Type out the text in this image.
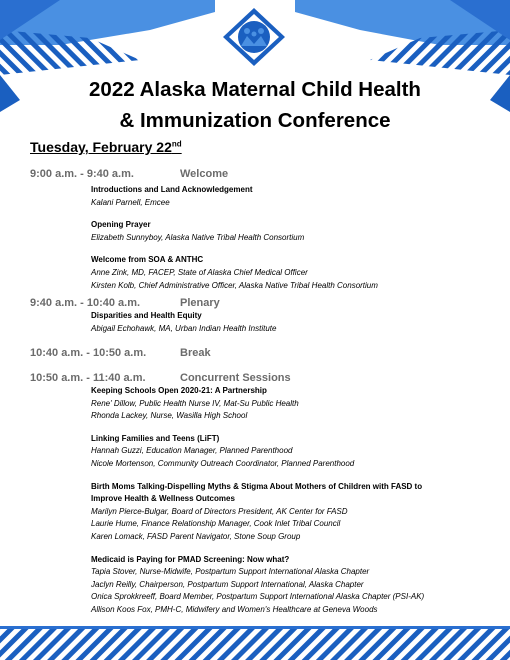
2022 Alaska Maternal Child Health
& Immunization Conference
Tuesday, February 22nd
9:00 a.m. - 9:40 a.m.	Welcome
Introductions and Land Acknowledgement
Kalani Parnell, Emcee
Opening Prayer
Elizabeth Sunnyboy, Alaska Native Tribal Health Consortium
Welcome from SOA & ANTHC
Anne Zink, MD, FACEP, State of Alaska Chief Medical Officer
Kirsten Kolb, Chief Administrative Officer, Alaska Native Tribal Health Consortium
9:40 a.m. - 10:40 a.m.	Plenary
Disparities and Health Equity
Abigail Echohawk, MA, Urban Indian Health Institute
10:40 a.m. - 10:50 a.m.	Break
10:50 a.m. - 11:40 a.m.	Concurrent Sessions
Keeping Schools Open 2020-21: A Partnership
Rene' Dillow, Public Health Nurse IV, Mat-Su Public Health
Rhonda Lackey, Nurse, Wasilla High School
Linking Families and Teens (LiFT)
Hannah Guzzi, Education Manager, Planned Parenthood
Nicole Mortenson, Community Outreach Coordinator, Planned Parenthood
Birth Moms Talking-Dispelling Myths & Stigma About Mothers of Children with FASD to
Improve Health & Wellness Outcomes
Marilyn Pierce-Bulgar, Board of Directors President, AK Center for FASD
Laurie Hume, Finance Relationship Manager, Cook Inlet Tribal Council
Karen Lomack, FASD Parent Navigator, Stone Soup Group
Medicaid is Paying for PMAD Screening: Now what?
Tapia Stover, Nurse-Midwife, Postpartum Support International Alaska Chapter
Jaclyn Reilly, Chairperson, Postpartum Support International, Alaska Chapter
Onica Sprokkreeff, Board Member, Postpartum Support International Alaska Chapter (PSI-AK)
Allison Koos Fox, PMH-C, Midwifery and Women's Healthcare at Geneva Woods
